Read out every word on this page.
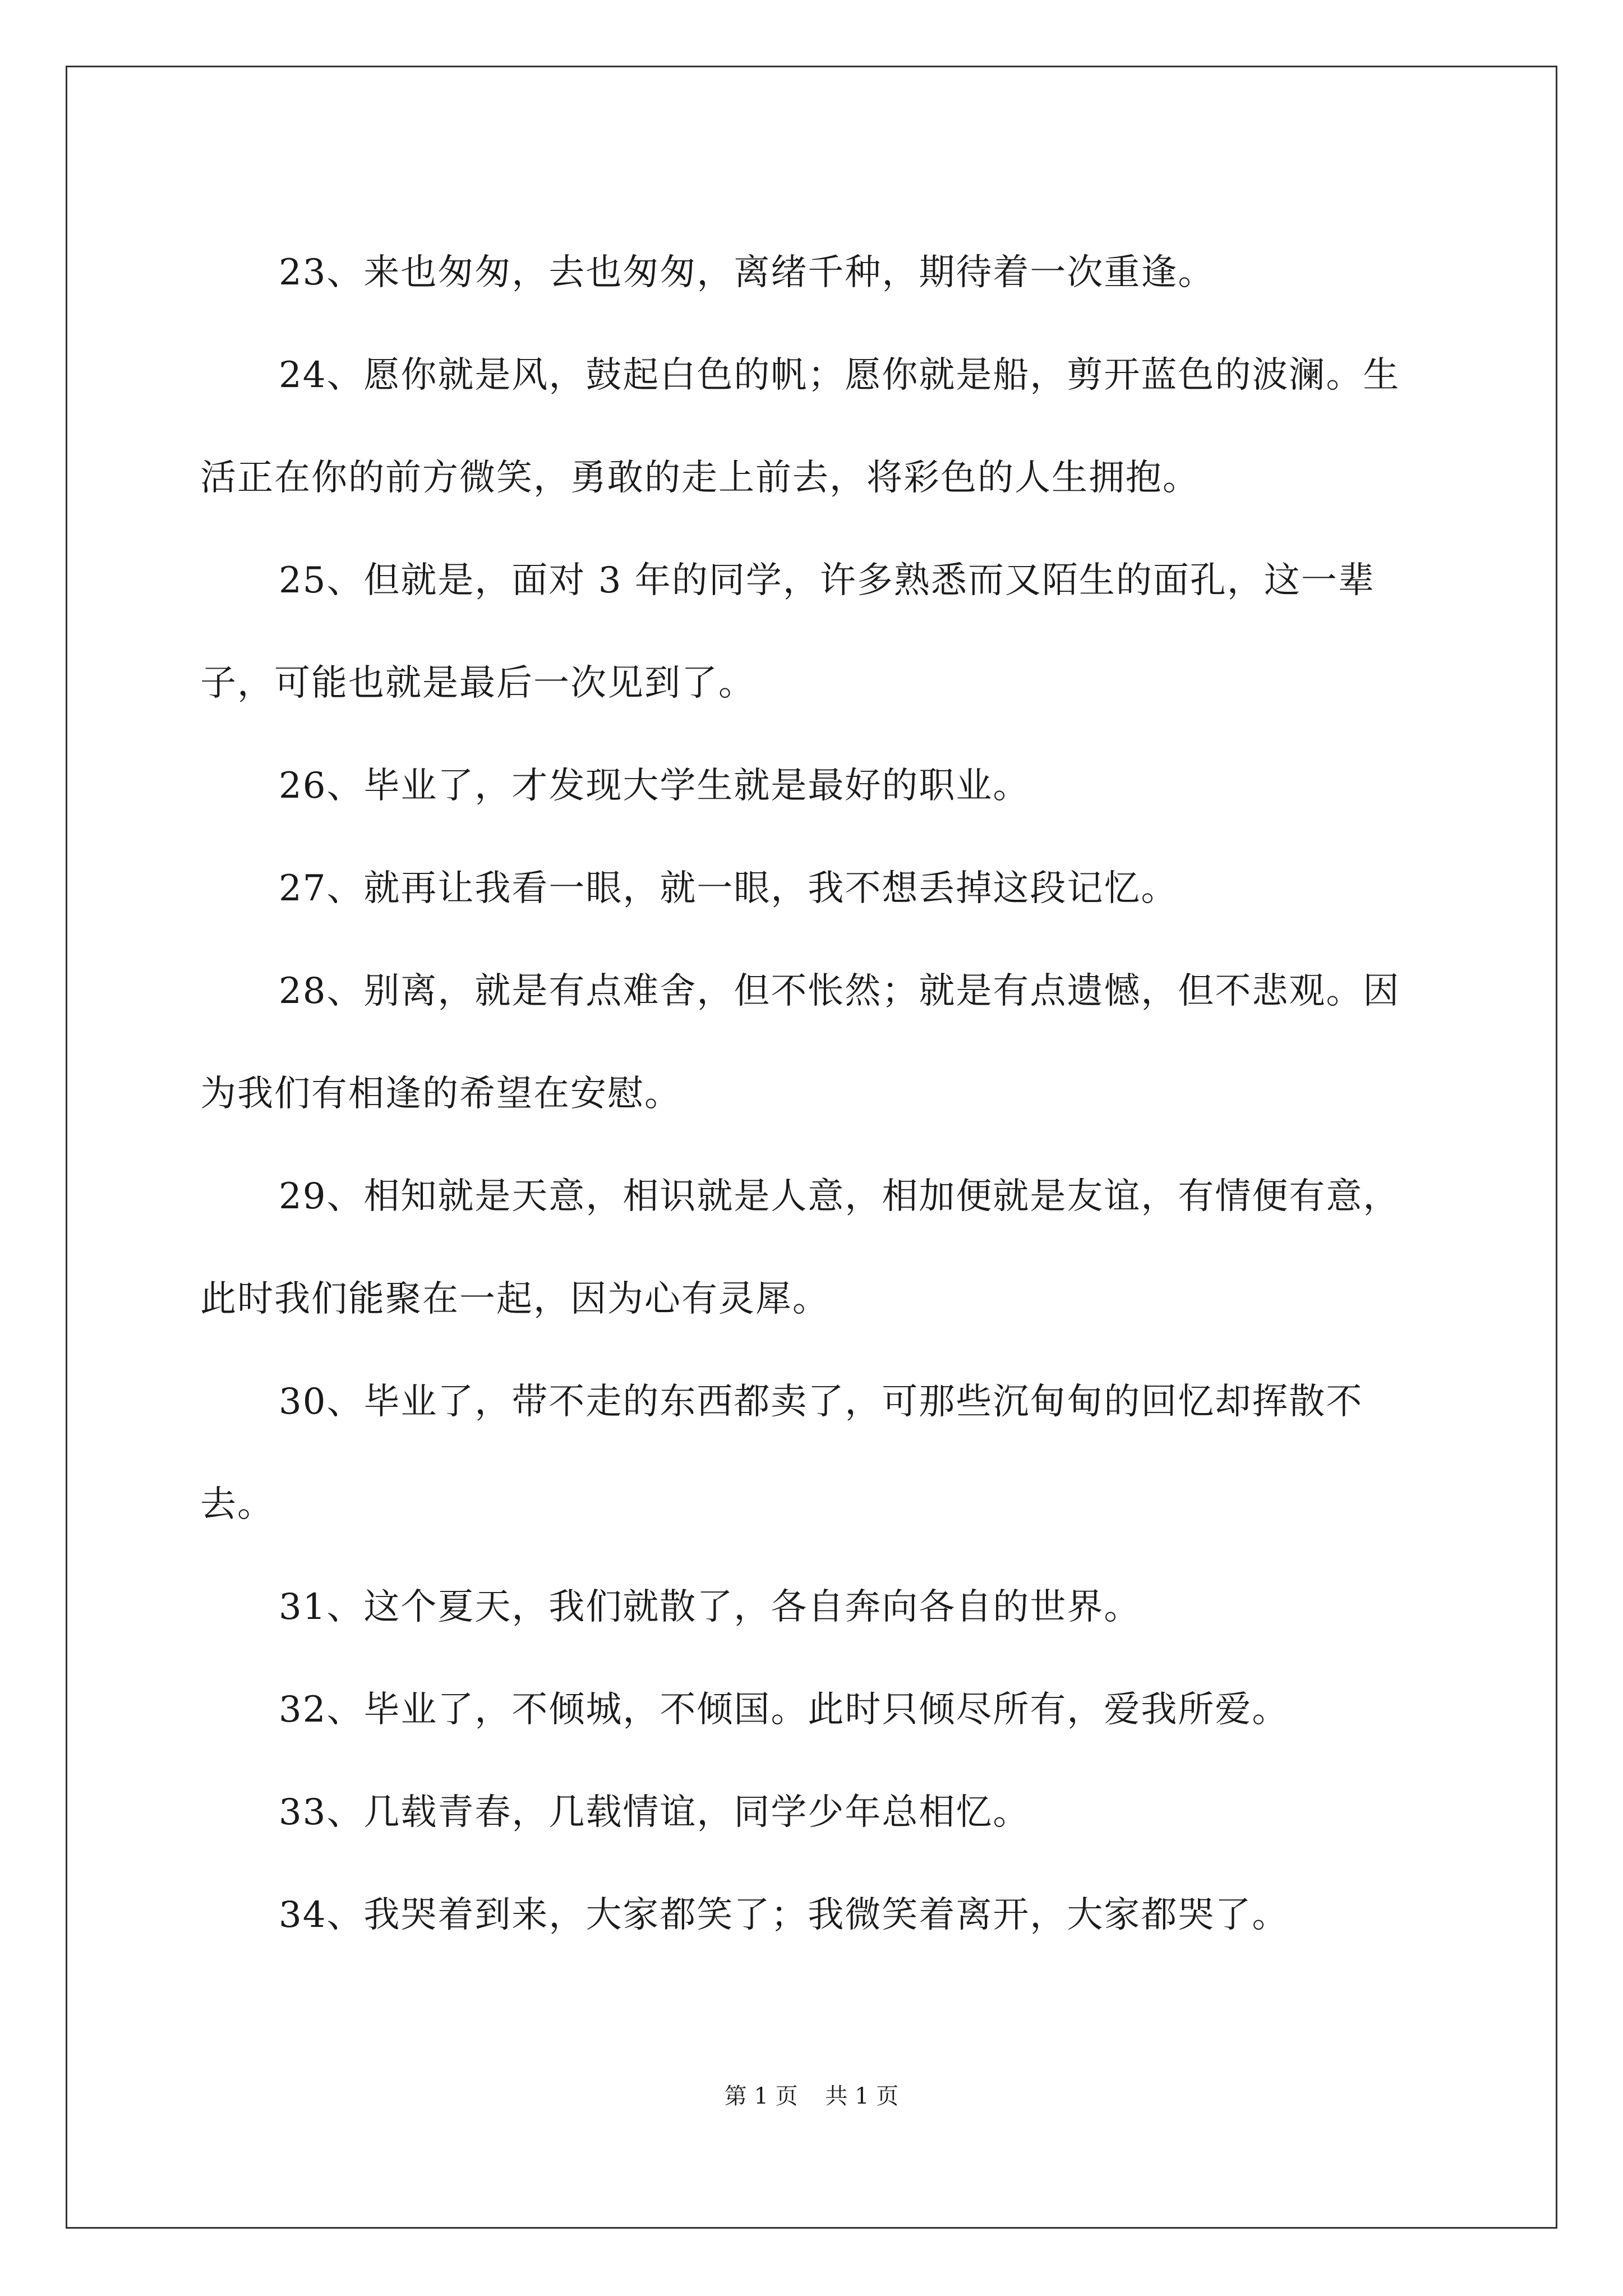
23、来也匆匆，去也匆匆，离绪千种，期待着一次重逢。

24、愿你就是风，鼓起白色的帆；愿你就是船，剪开蓝色的波澜。生活正在你的前方微笑，勇敢的走上前去，将彩色的人生拥抱。

25、但就是，面对 3 年的同学，许多熟悉而又陌生的面孔，这一辈子，可能也就是最后一次见到了。

26、毕业了，才发现大学生就是最好的职业。

27、就再让我看一眼，就一眼，我不想丢掉这段记忆。

28、别离，就是有点难舍，但不怅然；就是有点遗憾，但不悲观。因为我们有相逢的希望在安慰。

29、相知就是天意，相识就是人意，相加便就是友谊，有情便有意，此时我们能聚在一起，因为心有灵犀。

30、毕业了，带不走的东西都卖了，可那些沉甸甸的回忆却挥散不去。

31、这个夏天，我们就散了，各自奔向各自的世界。

32、毕业了，不倾城，不倾国。此时只倾尽所有，爱我所爱。

33、几载青春，几载情谊，同学少年总相忆。

34、我哭着到来，大家都笑了；我微笑着离开，大家都哭了。

第 1 页 共 1 页
